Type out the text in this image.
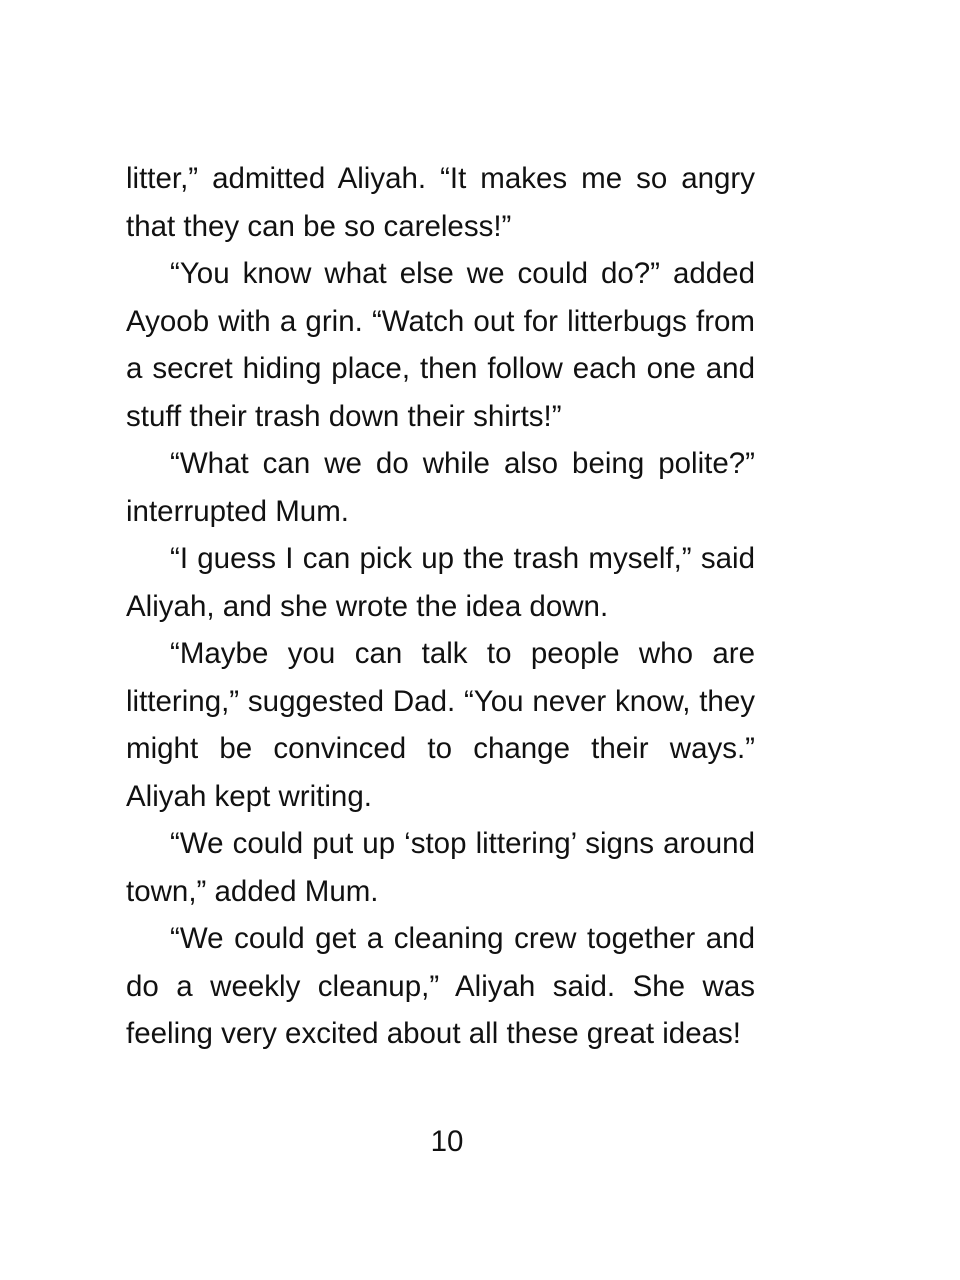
litter,” admitted Aliyah. “It makes me so angry that they can be so careless!”

“You know what else we could do?” added Ayoob with a grin. “Watch out for litterbugs from a secret hiding place, then follow each one and stuff their trash down their shirts!”

“What can we do while also being polite?” interrupted Mum.

“I guess I can pick up the trash myself,” said Aliyah, and she wrote the idea down.

“Maybe you can talk to people who are littering,” suggested Dad. “You never know, they might be convinced to change their ways.” Aliyah kept writing.

“We could put up ‘stop littering’ signs around town,” added Mum.

“We could get a cleaning crew together and do a weekly cleanup,” Aliyah said. She was feeling very excited about all these great ideas!

10
